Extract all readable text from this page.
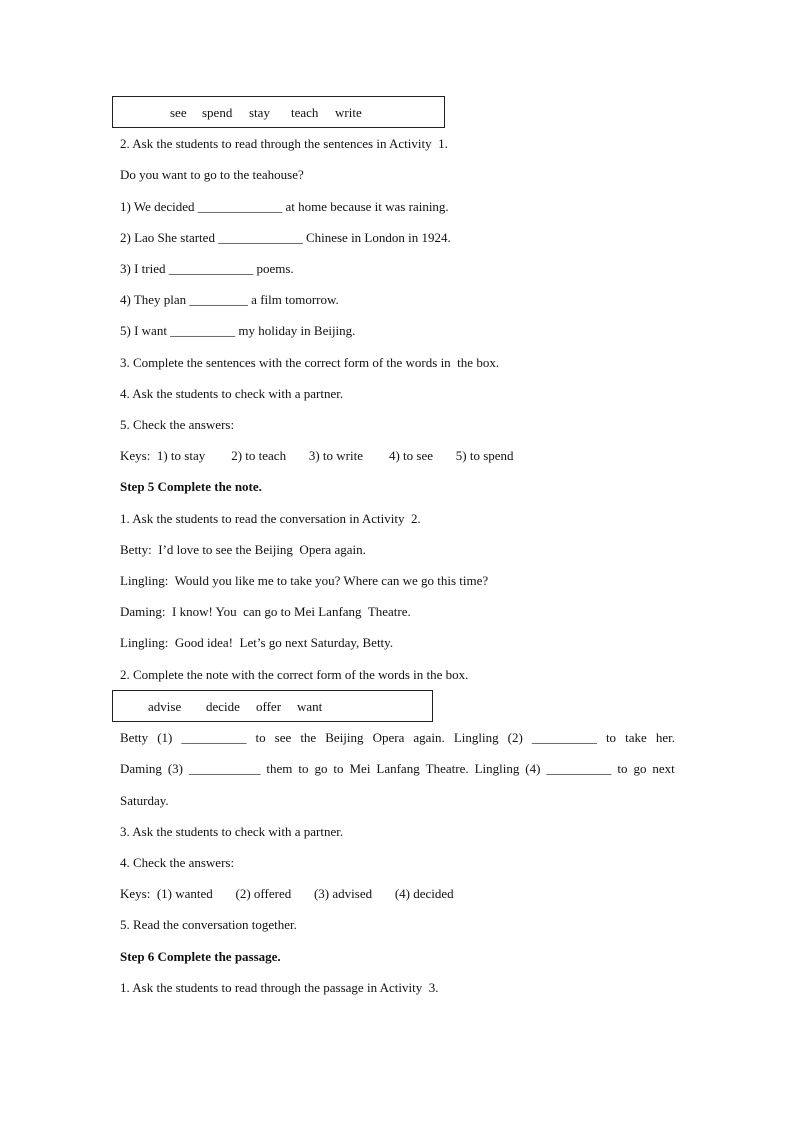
see spend stay teach write
2. Ask the students to read through the sentences in Activity  1.
Do you want to go to the teahouse?
1) We decided _____________ at home because it was raining.
2) Lao She started _____________ Chinese in London in 1924.
3) I tried _____________ poems.
4) They plan _________ a film tomorrow.
5) I want __________ my holiday in Beijing.
3. Complete the sentences with the correct form of the words in  the box.
4. Ask the students to check with a partner.
5. Check the answers:
Keys:  1) to stay        2) to teach       3) to write        4) to see       5) to spend
Step 5 Complete the note.
1. Ask the students to read the conversation in Activity  2.
Betty:  I’d love to see the Beijing  Opera again.
Lingling:  Would you like me to take you? Where can we go this time?
Daming:  I know! You  can go to Mei Lanfang  Theatre.
Lingling:  Good idea!  Let’s go next Saturday, Betty.
2. Complete the note with the correct form of the words in the box.
advise decide offer want
Betty (1) __________ to see the Beijing Opera again. Lingling (2) __________ to take her.
Daming (3) ___________ them to go to Mei Lanfang Theatre. Lingling (4) __________ to go next
Saturday.
3. Ask the students to check with a partner.
4. Check the answers:
Keys:  (1) wanted       (2) offered       (3) advised       (4) decided
5. Read the conversation together.
Step 6 Complete the passage.
1. Ask the students to read through the passage in Activity  3.
